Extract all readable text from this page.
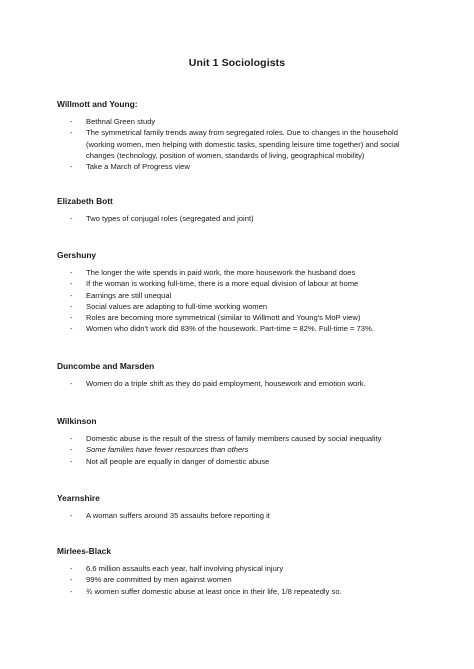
Unit 1 Sociologists

Willmott and Young:

- Bethnal Green study
- The symmetrical family trends away from segregated roles. Due to changes in the household (working women, men helping with domestic tasks, spending leisure time together) and social changes (technology, position of women, standards of living, geographical mobility)
- Take a March of Progress view

Elizabeth Bott

- Two types of conjugal roles (segregated and joint)

Gershuny

- The longer the wife spends in paid work, the more housework the husband does
- If the woman is working full-time, there is a more equal division of labour at home
- Earnings are still unequal
- Social values are adapting to full-time working women
- Roles are becoming more symmetrical (similar to Willmott and Young's MoP view)
- Women who didn't work did 83% of the housework. Part-time = 82%. Full-time = 73%.

Duncombe and Marsden

- Women do a triple shift as they do paid employment, housework and emotion work.

Wilkinson

- Domestic abuse is the result of the stress of family members caused by social inequality
- Some families have fewer resources than others
- Not all people are equally in danger of domestic abuse

Yearnshire

- A woman suffers around 35 assaults before reporting it

Mirlees-Black

- 6.6 million assaults each year, half involving physical injury
- 99% are committed by men against women
- ¾ women suffer domestic abuse at least once in their life, 1/8 repeatedly so.
